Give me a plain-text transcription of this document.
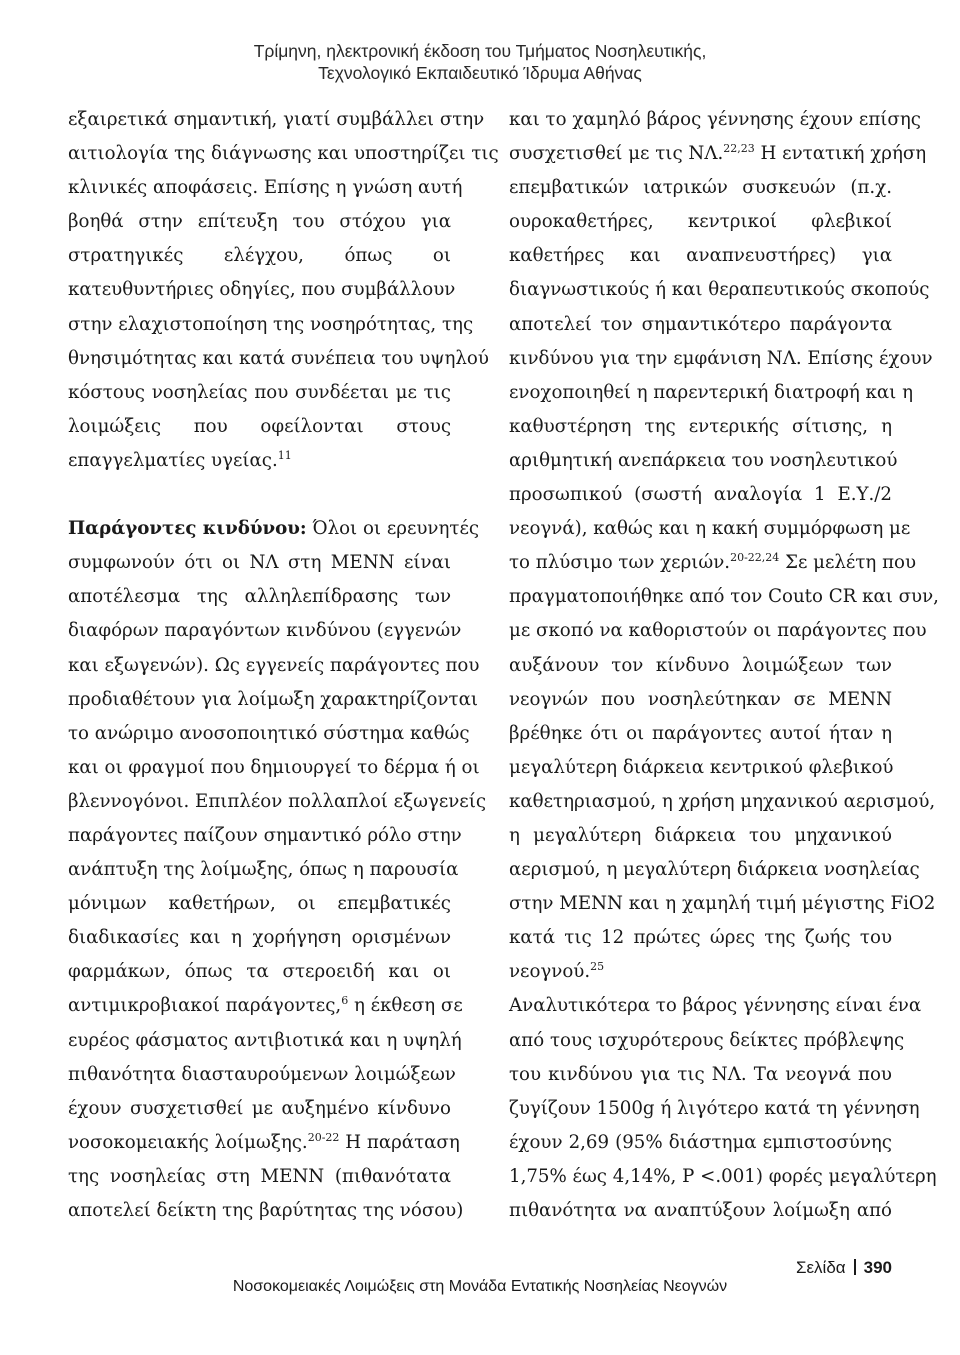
Τρίμηνη, ηλεκτρονική έκδοση του Τμήματος Νοσηλευτικής,
Τεχνολογικό Εκπαιδευτικό Ίδρυμα Αθήνας
εξαιρετικά σημαντική, γιατί συμβάλλει στην
αιτιολογία της διάγνωσης και υποστηρίζει τις
κλινικές αποφάσεις. Επίσης η γνώση αυτή
βοηθά στην επίτευξη του στόχου για
στρατηγικές ελέγχου, όπως οι
κατευθυντήριες οδηγίες, που συμβάλλουν
στην ελαχιστοποίηση της νοσηρότητας, της
θνησιμότητας και κατά συνέπεια του υψηλού
κόστους νοσηλείας που συνδέεται με τις
λοιμώξεις που οφείλονται στους
επαγγελματίες υγείας.$^{11}$
Παράγοντες κινδύνου: Όλοι οι ερευνητές
συμφωνούν ότι οι ΝΛ στη ΜΕΝΝ είναι
αποτέλεσμα της αλληλεπίδρασης των
διαφόρων παραγόντων κινδύνου (εγγενών
και εξωγενών). Ως εγγενείς παράγοντες που
προδιαθέτουν για λοίμωξη χαρακτηρίζονται
το ανώριμο ανοσοποιητικό σύστημα καθώς
και οι φραγμοί που δημιουργεί το δέρμα ή οι
βλεννογόνοι. Επιπλέον πολλαπλοί εξωγενείς
παράγοντες παίζουν σημαντικό ρόλο στην
ανάπτυξη της λοίμωξης, όπως η παρουσία
μόνιμων καθετήρων, οι επεμβατικές
διαδικασίες και η χορήγηση ορισμένων
φαρμάκων, όπως τα στεροειδή και οι
αντιμικροβιακοί παράγοντες,$^6$ η έκθεση σε
ευρέος φάσματος αντιβιοτικά και η υψηλή
πιθανότητα διασταυρούμενων λοιμώξεων
έχουν συσχετισθεί με αυξημένο κίνδυνο
νοσοκομειακής λοίμωξης.$^{20-22}$ Η παράταση
της νοσηλείας στη ΜΕΝΝ (πιθανότατα
αποτελεί δείκτη της βαρύτητας της νόσου)
και το χαμηλό βάρος γέννησης έχουν επίσης
συσχετισθεί με τις ΝΛ.$^{22,23}$ Η εντατική χρήση
επεμβατικών ιατρικών συσκευών (π.χ.
ουροκαθετήρες, κεντρικοί φλεβικοί
καθετήρες και αναπνευστήρες) για
διαγνωστικούς ή και θεραπευτικούς σκοπούς
αποτελεί τον σημαντικότερο παράγοντα
κινδύνου για την εμφάνιση ΝΛ. Επίσης έχουν
ενοχοποιηθεί η παρεντερική διατροφή και η
καθυστέρηση της εντερικής σίτισης, η
αριθμητική ανεπάρκεια του νοσηλευτικού
προσωπικού (σωστή αναλογία 1 Ε.Υ./2
νεογνά), καθώς και η κακή συμμόρφωση με
το πλύσιμο των χεριών.$^{20-22,24}$ Σε μελέτη που
πραγματοποιήθηκε από τον Couto CR και συν,
με σκοπό να καθοριστούν οι παράγοντες που
αυξάνουν τον κίνδυνο λοιμώξεων των
νεογνών που νοσηλεύτηκαν σε ΜΕΝΝ
βρέθηκε ότι οι παράγοντες αυτοί ήταν η
μεγαλύτερη διάρκεια κεντρικού φλεβικού
καθετηριασμού, η χρήση μηχανικού αερισμού,
η μεγαλύτερη διάρκεια του μηχανικού
αερισμού, η μεγαλύτερη διάρκεια νοσηλείας
στην ΜΕΝΝ και η χαμηλή τιμή μέγιστης FiO2
κατά τις 12 πρώτες ώρες της ζωής του
νεογνού.$^{25}$
Αναλυτικότερα το βάρος γέννησης είναι ένα
από τους ισχυρότερους δείκτες πρόβλεψης
του κινδύνου για τις ΝΛ. Τα νεογνά που
ζυγίζουν 1500g ή λιγότερο κατά τη γέννηση
έχουν 2,69 (95% διάστημα εμπιστοσύνης
1,75% έως 4,14%, P <.001) φορές μεγαλύτερη
πιθανότητα να αναπτύξουν λοίμωξη από
Σελίδα 390
Νοσοκομειακές Λοιμώξεις στη Μονάδα Εντατικής Νοσηλείας Νεογνών
